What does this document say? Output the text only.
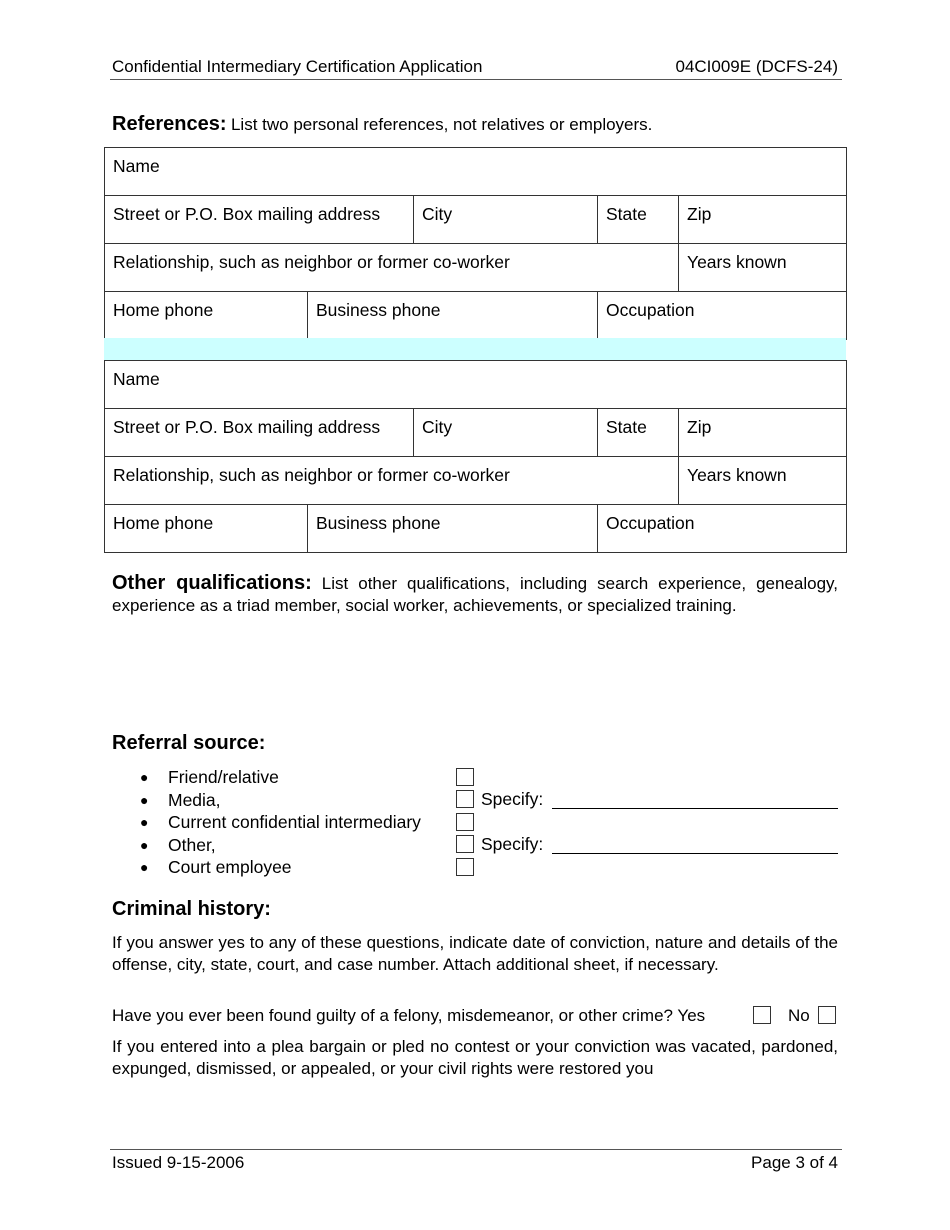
Confidential Intermediary Certification Application	04CI009E (DCFS-24)
References: List two personal references, not relatives or employers.
Name				
Street or P.O. Box mailing address		City	State	Zip
Relationship, such as neighbor or former co-worker				Years known
Home phone	Business phone		Occupation	
Name				
Street or P.O. Box mailing address		City	State	Zip
Relationship, such as neighbor or former co-worker				Years known
Home phone	Business phone		Occupation	
Other qualifications: List other qualifications, including search experience, genealogy, experience as a triad member, social worker, achievements, or specialized training.
Referral source:
● Friend/relative
● Media,
● Current confidential intermediary
● Other,
● Court employee
Specify:
Specify:
Criminal history:
If you answer yes to any of these questions, indicate date of conviction, nature and details of the offense, city, state, court, and case number. Attach additional sheet, if necessary.
Have you ever been found guilty of a felony, misdemeanor, or other crime? Yes	No
If you entered into a plea bargain or pled no contest or your conviction was vacated, pardoned, expunged, dismissed, or appealed, or your civil rights were restored you
Issued 9-15-2006	Page 3 of 4
